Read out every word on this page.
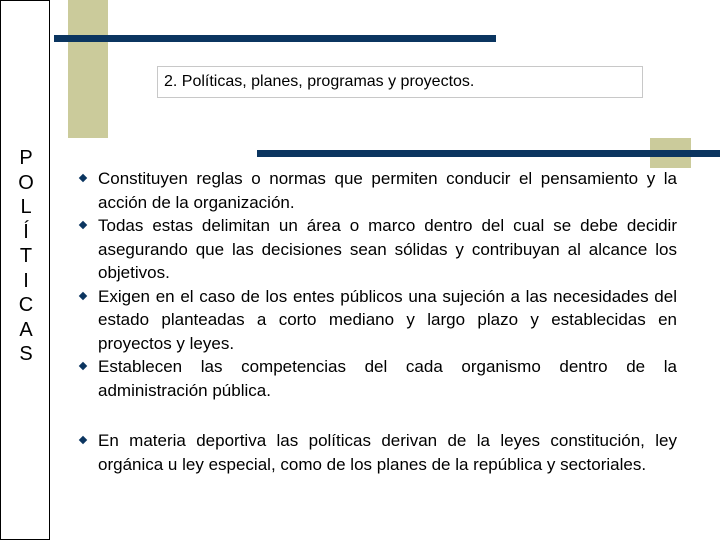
P
O
L
Í
T
I
C
A
S
2. Políticas, planes, programas y proyectos.
Constituyen reglas o normas que permiten conducir el pensamiento y la acción de la organización.
Todas estas delimitan un área o marco dentro del cual se debe decidir asegurando que las decisiones sean sólidas y contribuyan al alcance los objetivos.
Exigen en el caso de los entes públicos una sujeción a las necesidades del estado planteadas a corto mediano y largo plazo y establecidas en proyectos y leyes.
Establecen las competencias del cada organismo dentro de la administración pública.
En materia deportiva las políticas derivan de la leyes constitución, ley orgánica u ley especial, como de los planes de la república y sectoriales.
